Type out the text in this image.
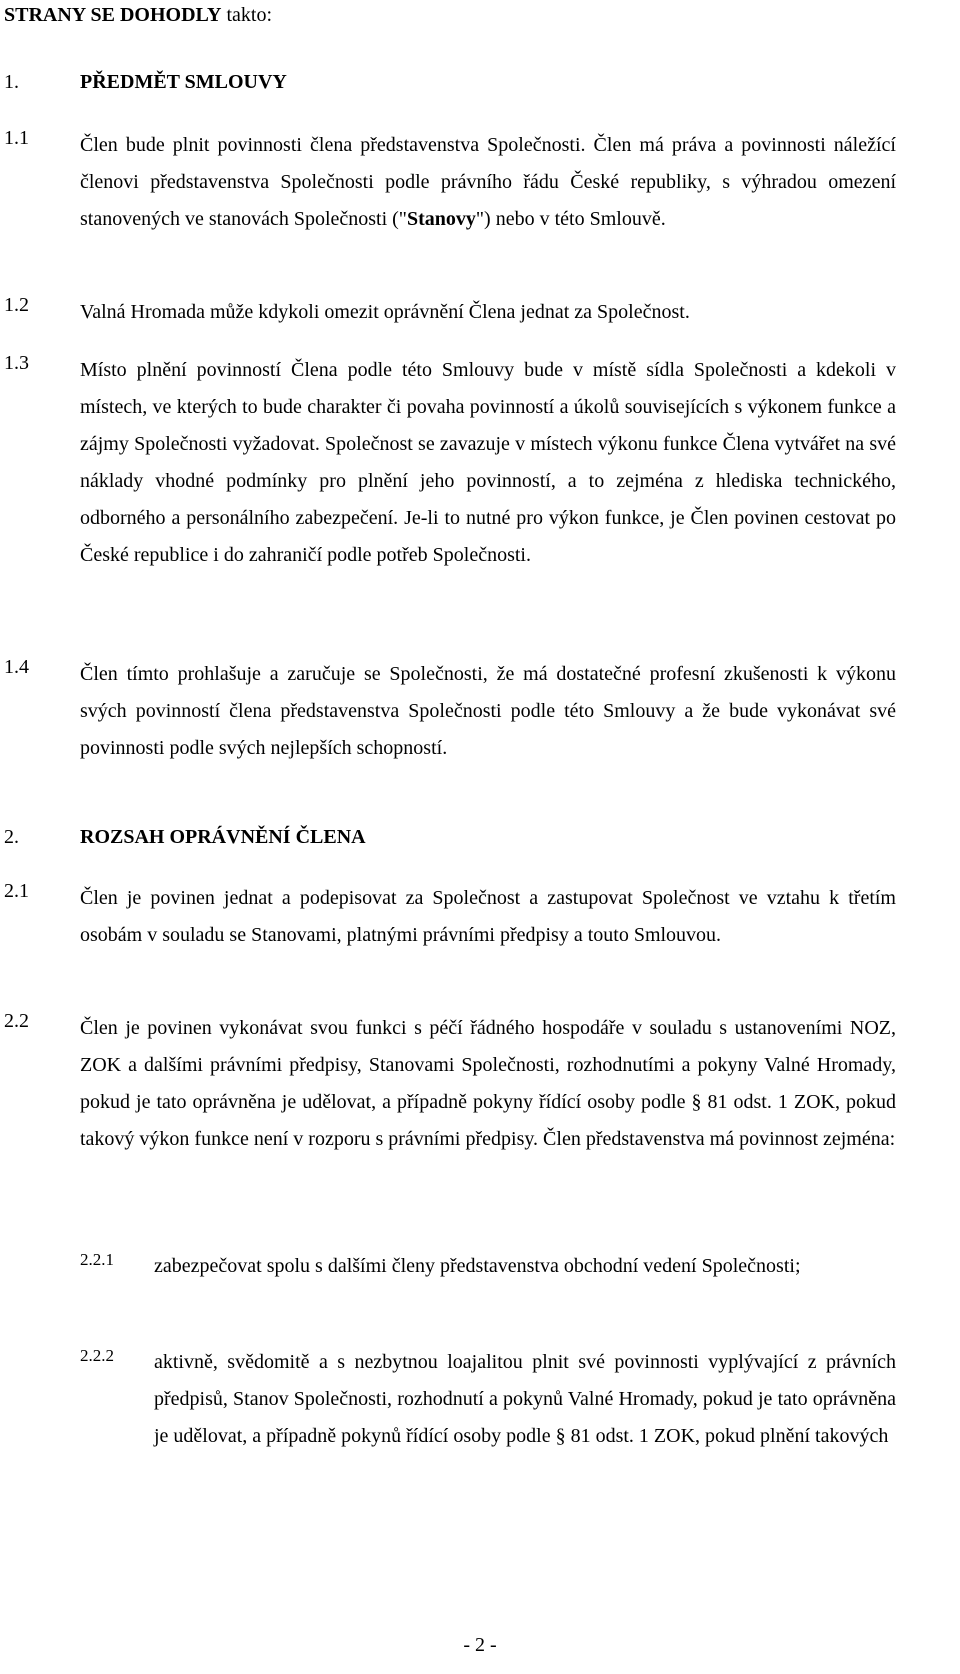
STRANY SE DOHODLY takto:
1.	PŘEDMĚT SMLOUVY
1.1	Člen bude plnit povinnosti člena představenstva Společnosti. Člen má práva a povinnosti náležící členovi představenstva Společnosti podle právního řádu České republiky, s výhradou omezení stanovených ve stanovách Společnosti ("Stanovy") nebo v této Smlouvě.
1.2	Valná Hromada může kdykoli omezit oprávnění Člena jednat za Společnost.
1.3	Místo plnění povinností Člena podle této Smlouvy bude v místě sídla Společnosti a kdekoli v místech, ve kterých to bude charakter či povaha povinností a úkolů souvisejících s výkonem funkce a zájmy Společnosti vyžadovat. Společnost se zavazuje v místech výkonu funkce Člena vytvářet na své náklady vhodné podmínky pro plnění jeho povinností, a to zejména z hlediska technického, odborného a personálního zabezpečení. Je-li to nutné pro výkon funkce, je Člen povinen cestovat po České republice i do zahraničí podle potřeb Společnosti.
1.4	Člen tímto prohlašuje a zaručuje se Společnosti, že má dostatečné profesní zkušenosti k výkonu svých povinností člena představenstva Společnosti podle této Smlouvy a že bude vykonávat své povinnosti podle svých nejlepších schopností.
2.	ROZSAH OPRÁVNĚNÍ ČLENA
2.1	Člen je povinen jednat a podepisovat za Společnost a zastupovat Společnost ve vztahu k třetím osobám v souladu se Stanovami, platnými právními předpisy a touto Smlouvou.
2.2	Člen je povinen vykonávat svou funkci s péčí řádného hospodáře v souladu s ustanoveními NOZ, ZOK a dalšími právními předpisy, Stanovami Společnosti, rozhodnutími a pokyny Valné Hromady, pokud je tato oprávněna je udělovat, a případně pokyny řídící osoby podle § 81 odst. 1 ZOK, pokud takový výkon funkce není v rozporu s právními předpisy. Člen představenstva má povinnost zejména:
2.2.1 zabezpečovat spolu s dalšími členy představenstva obchodní vedení Společnosti;
2.2.2 aktivně, svědomitě a s nezbytnou loajalitou plnit své povinnosti vyplývající z právních předpisů, Stanov Společnosti, rozhodnutí a pokynů Valné Hromady, pokud je tato oprávněna je udělovat, a případně pokynů řídící osoby podle § 81 odst. 1 ZOK, pokud plnění takových
- 2 -
